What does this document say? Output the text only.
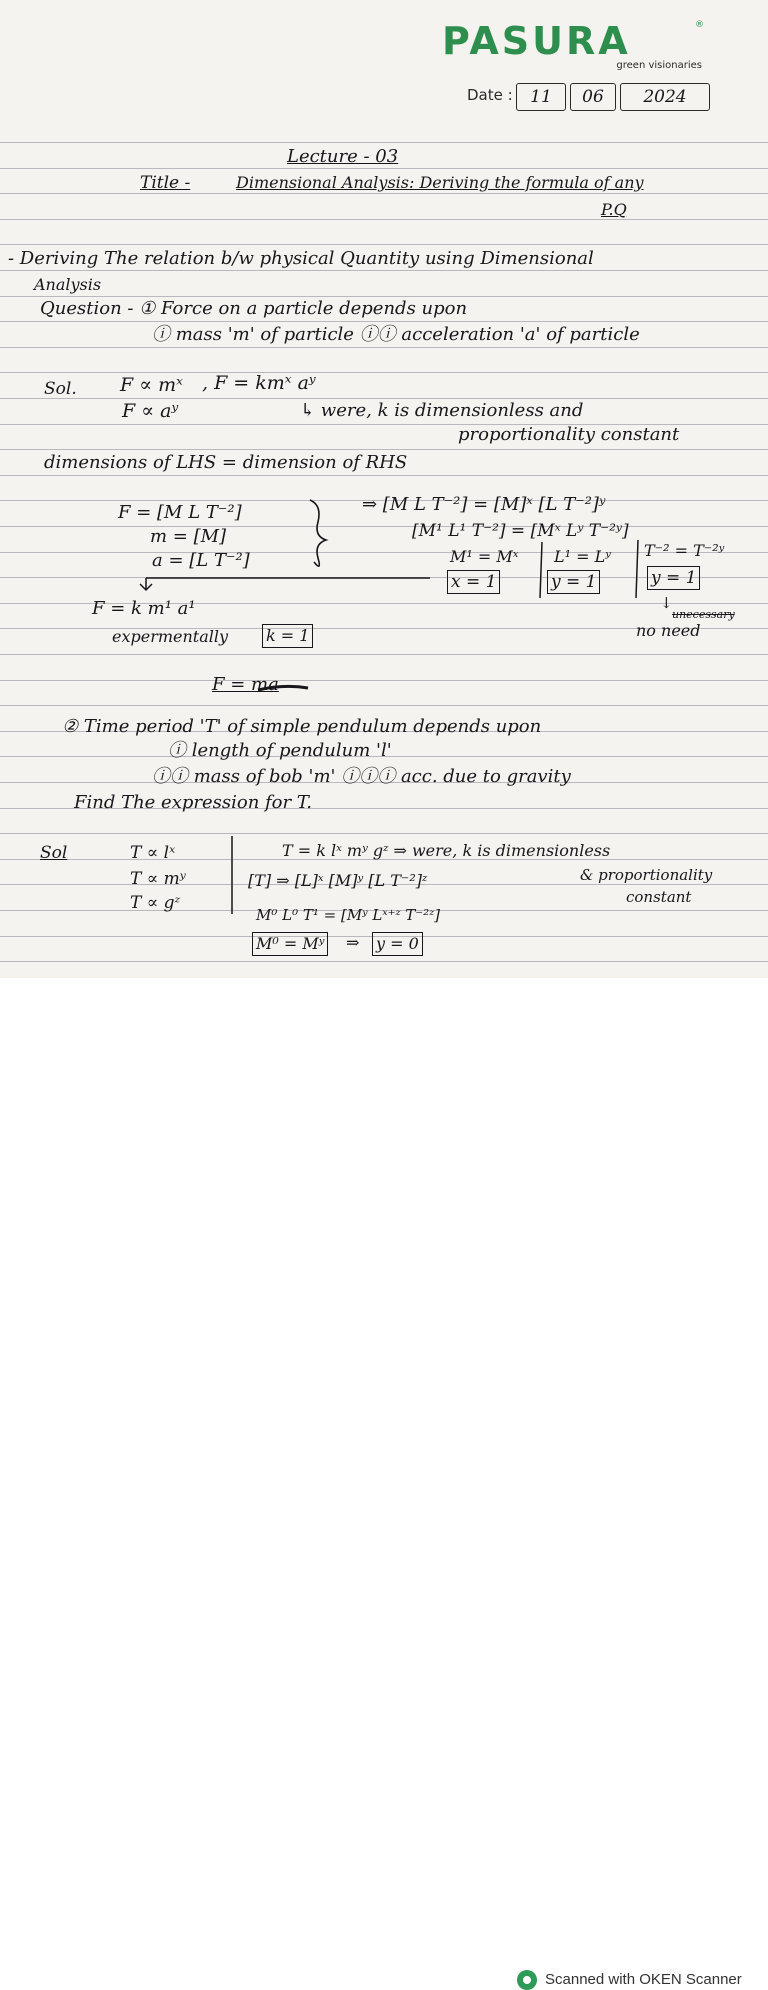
PASURA	®
green visionaries
Date :	11	06	2024
Lecture - 03
Title -	Dimensional Analysis: Deriving the formula of any
P.Q
- Deriving The relation b/w physical Quantity using Dimensional
Analysis
Question - ① Force on a particle depends upon
ⓘ mass 'm' of particle ⓘⓘ acceleration 'a' of particle
Sol. F ∝ mˣ , F = kmˣ aʸ
F ∝ aʸ	↳ were, k is dimensionless and
proportionality constant
dimensions of LHS = dimension of RHS
F = [M L T⁻²]
m = [M]
a = [L T⁻²]
⇒ [M L T⁻²] = [M]ˣ [L T⁻²]ʸ
[M¹ L¹ T⁻²] = [Mˣ Lʸ T⁻²ʸ]
M¹ = Mˣ L¹ = Lʸ T⁻² = T⁻²ʸ
x = 1	y = 1	y = 1
↓
F = k m¹ a¹
expermentally k = 1
unecessary
no need
F = ma
② Time period 'T' of simple pendulum depends upon
ⓘ length of pendulum 'l'
ⓘⓘ mass of bob 'm' ⓘⓘⓘ acc. due to gravity
Find The expression for T.
Sol	T ∝ lˣ
T ∝ mʸ
T ∝ gᶻ
T = k lˣ mʸ gᶻ ⇒ were, k is dimensionless
& proportionality
constant
[T] ⇒ [L]ˣ [M]ʸ [L T⁻²]ᶻ
M⁰ L⁰ T¹ = [Mʸ Lˣ⁺ᶻ T⁻²ᶻ]
M⁰ = Mʸ ⇒ y = 0
Scanned with OKEN Scanner
